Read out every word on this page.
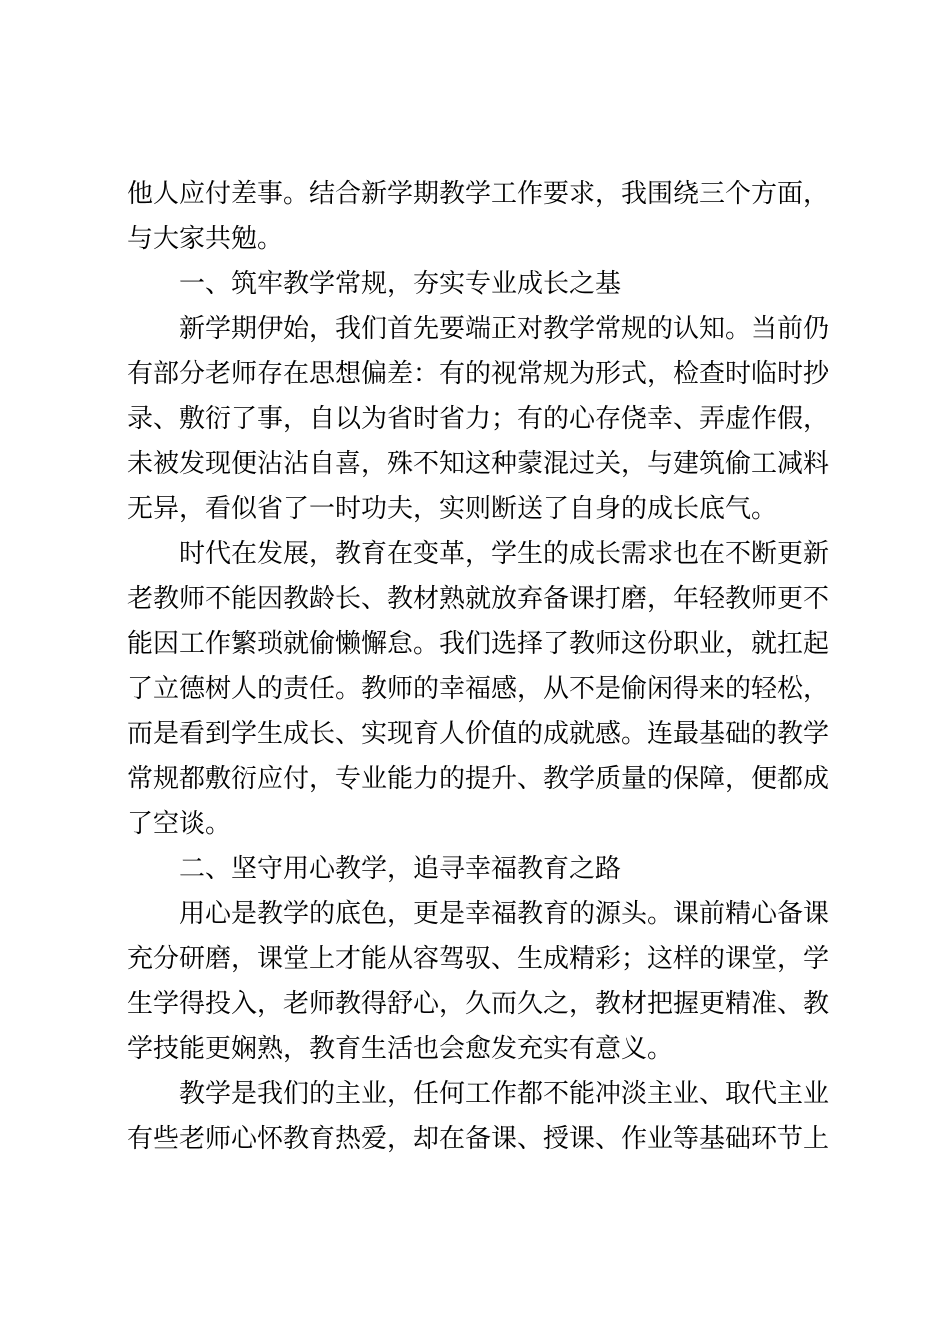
他人应付差事。结合新学期教学工作要求，我围绕三个方面，

与大家共勉。

一、筑牢教学常规，夯实专业成长之基

新学期伊始，我们首先要端正对教学常规的认知。当前仍

有部分老师存在思想偏差：有的视常规为形式，检查时临时抄

录、敷衍了事，自以为省时省力；有的心存侥幸、弄虚作假，

未被发现便沾沾自喜，殊不知这种蒙混过关，与建筑偷工减料

无异，看似省了一时功夫，实则断送了自身的成长底气。

时代在发展，教育在变革，学生的成长需求也在不断更新

老教师不能因教龄长、教材熟就放弃备课打磨，年轻教师更不

能因工作繁琐就偷懒懈怠。我们选择了教师这份职业，就扛起

了立德树人的责任。教师的幸福感，从不是偷闲得来的轻松，

而是看到学生成长、实现育人价值的成就感。连最基础的教学

常规都敷衍应付，专业能力的提升、教学质量的保障，便都成

了空谈。

二、坚守用心教学，追寻幸福教育之路

用心是教学的底色，更是幸福教育的源头。课前精心备课

充分研磨，课堂上才能从容驾驭、生成精彩；这样的课堂，学

生学得投入，老师教得舒心，久而久之，教材把握更精准、教

学技能更娴熟，教育生活也会愈发充实有意义。

教学是我们的主业，任何工作都不能冲淡主业、取代主业

有些老师心怀教育热爱，却在备课、授课、作业等基础环节上
